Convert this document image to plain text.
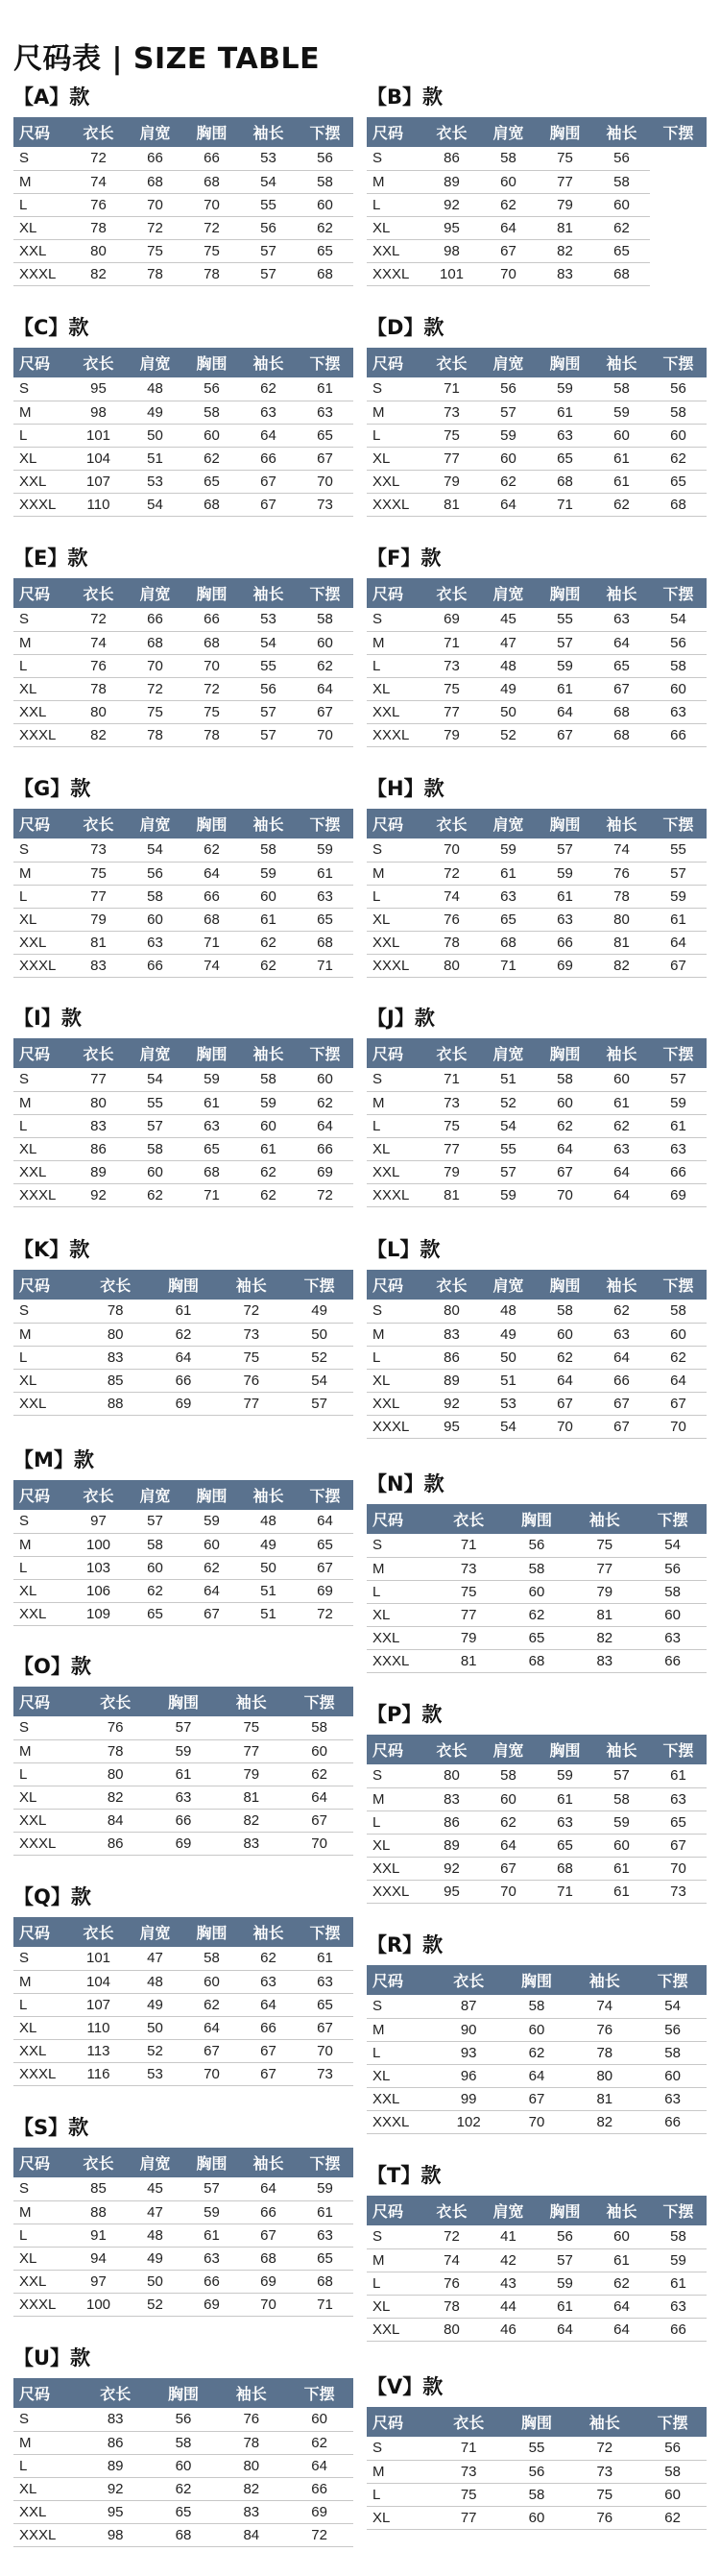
尺码表 | SIZE TABLE
【A】款
尺码	衣长	肩宽	胸围	袖长	下摆
S	72	66	66	53	56
M	74	68	68	54	58
L	76	70	70	55	60
XL	78	72	72	56	62
XXL	80	75	75	57	65
XXXL	82	78	78	57	68
【B】款
尺码	衣长	肩宽	胸围	袖长	下摆
S	86	58	75	56	
M	89	60	77	58	
L	92	62	79	60	
XL	95	64	81	62	
XXL	98	67	82	65	
XXXL	101	70	83	68	
【C】款
尺码	衣长	肩宽	胸围	袖长	下摆
S	95	48	56	62	61
M	98	49	58	63	63
L	101	50	60	64	65
XL	104	51	62	66	67
XXL	107	53	65	67	70
XXXL	110	54	68	67	73
【D】款
尺码	衣长	肩宽	胸围	袖长	下摆
S	71	56	59	58	56
M	73	57	61	59	58
L	75	59	63	60	60
XL	77	60	65	61	62
XXL	79	62	68	61	65
XXXL	81	64	71	62	68
【E】款
尺码	衣长	肩宽	胸围	袖长	下摆
S	72	66	66	53	58
M	74	68	68	54	60
L	76	70	70	55	62
XL	78	72	72	56	64
XXL	80	75	75	57	67
XXXL	82	78	78	57	70
【F】款
尺码	衣长	肩宽	胸围	袖长	下摆
S	69	45	55	63	54
M	71	47	57	64	56
L	73	48	59	65	58
XL	75	49	61	67	60
XXL	77	50	64	68	63
XXXL	79	52	67	68	66
【G】款
尺码	衣长	肩宽	胸围	袖长	下摆
S	73	54	62	58	59
M	75	56	64	59	61
L	77	58	66	60	63
XL	79	60	68	61	65
XXL	81	63	71	62	68
XXXL	83	66	74	62	71
【H】款
尺码	衣长	肩宽	胸围	袖长	下摆
S	70	59	57	74	55
M	72	61	59	76	57
L	74	63	61	78	59
XL	76	65	63	80	61
XXL	78	68	66	81	64
XXXL	80	71	69	82	67
【I】款
尺码	衣长	肩宽	胸围	袖长	下摆
S	77	54	59	58	60
M	80	55	61	59	62
L	83	57	63	60	64
XL	86	58	65	61	66
XXL	89	60	68	62	69
XXXL	92	62	71	62	72
【J】款
尺码	衣长	肩宽	胸围	袖长	下摆
S	71	51	58	60	57
M	73	52	60	61	59
L	75	54	62	62	61
XL	77	55	64	63	63
XXL	79	57	67	64	66
XXXL	81	59	70	64	69
【K】款
尺码	衣长	胸围	袖长	下摆
S	78	61	72	49
M	80	62	73	50
L	83	64	75	52
XL	85	66	76	54
XXL	88	69	77	57
【L】款
尺码	衣长	肩宽	胸围	袖长	下摆
S	80	48	58	62	58
M	83	49	60	63	60
L	86	50	62	64	62
XL	89	51	64	66	64
XXL	92	53	67	67	67
XXXL	95	54	70	67	70
【M】款
尺码	衣长	肩宽	胸围	袖长	下摆
S	97	57	59	48	64
M	100	58	60	49	65
L	103	60	62	50	67
XL	106	62	64	51	69
XXL	109	65	67	51	72
【N】款
尺码	衣长	胸围	袖长	下摆
S	71	56	75	54
M	73	58	77	56
L	75	60	79	58
XL	77	62	81	60
XXL	79	65	82	63
XXXL	81	68	83	66
【O】款
尺码	衣长	胸围	袖长	下摆
S	76	57	75	58
M	78	59	77	60
L	80	61	79	62
XL	82	63	81	64
XXL	84	66	82	67
XXXL	86	69	83	70
【P】款
尺码	衣长	肩宽	胸围	袖长	下摆
S	80	58	59	57	61
M	83	60	61	58	63
L	86	62	63	59	65
XL	89	64	65	60	67
XXL	92	67	68	61	70
XXXL	95	70	71	61	73
【Q】款
尺码	衣长	肩宽	胸围	袖长	下摆
S	101	47	58	62	61
M	104	48	60	63	63
L	107	49	62	64	65
XL	110	50	64	66	67
XXL	113	52	67	67	70
XXXL	116	53	70	67	73
【R】款
尺码	衣长	胸围	袖长	下摆
S	87	58	74	54
M	90	60	76	56
L	93	62	78	58
XL	96	64	80	60
XXL	99	67	81	63
XXXL	102	70	82	66
【S】款
尺码	衣长	肩宽	胸围	袖长	下摆
S	85	45	57	64	59
M	88	47	59	66	61
L	91	48	61	67	63
XL	94	49	63	68	65
XXL	97	50	66	69	68
XXXL	100	52	69	70	71
【T】款
尺码	衣长	肩宽	胸围	袖长	下摆
S	72	41	56	60	58
M	74	42	57	61	59
L	76	43	59	62	61
XL	78	44	61	64	63
XXL	80	46	64	64	66
【U】款
尺码	衣长	胸围	袖长	下摆
S	83	56	76	60
M	86	58	78	62
L	89	60	80	64
XL	92	62	82	66
XXL	95	65	83	69
XXXL	98	68	84	72
【V】款
尺码	衣长	胸围	袖长	下摆
S	71	55	72	56
M	73	56	73	58
L	75	58	75	60
XL	77	60	76	62
